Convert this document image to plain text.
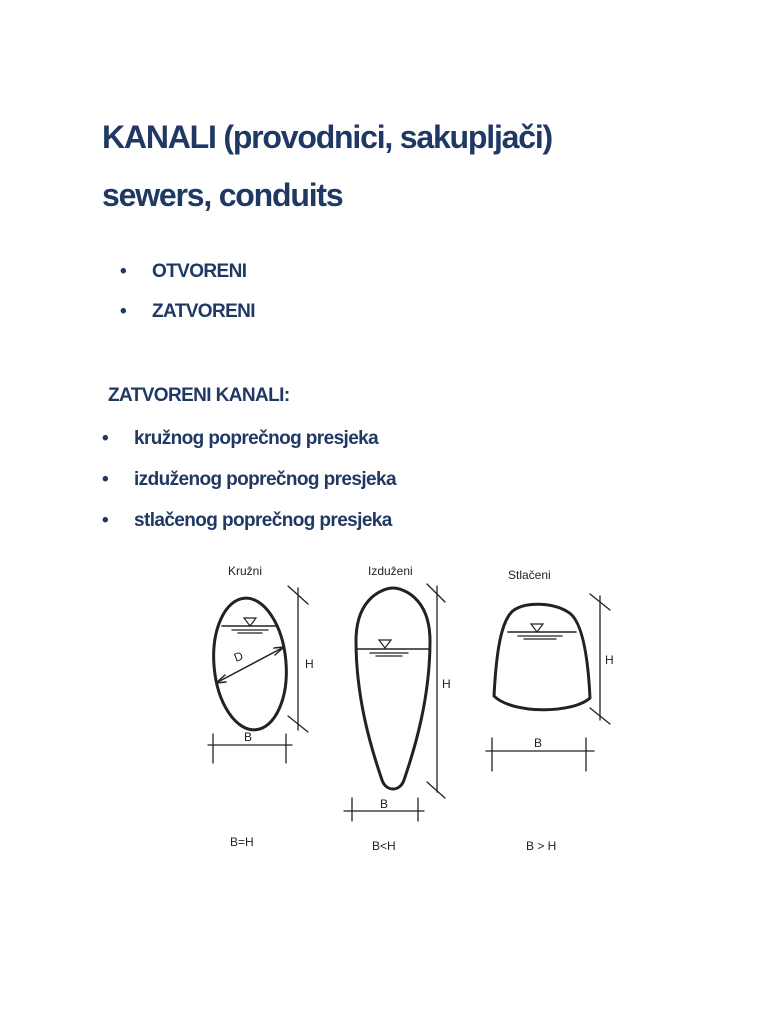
KANALI (provodnici, sakupljači)
sewers, conduits
• OTVORENI
• ZATVORENI
ZATVORENI KANALI:
• kružnog poprečnog presjeka
• izduženog poprečnog presjeka
• stlačenog poprečnog presjeka
Kružni
D	H
B
B=H
Izduženi
H
B
B<H
Stlačeni
H
B
B > H
